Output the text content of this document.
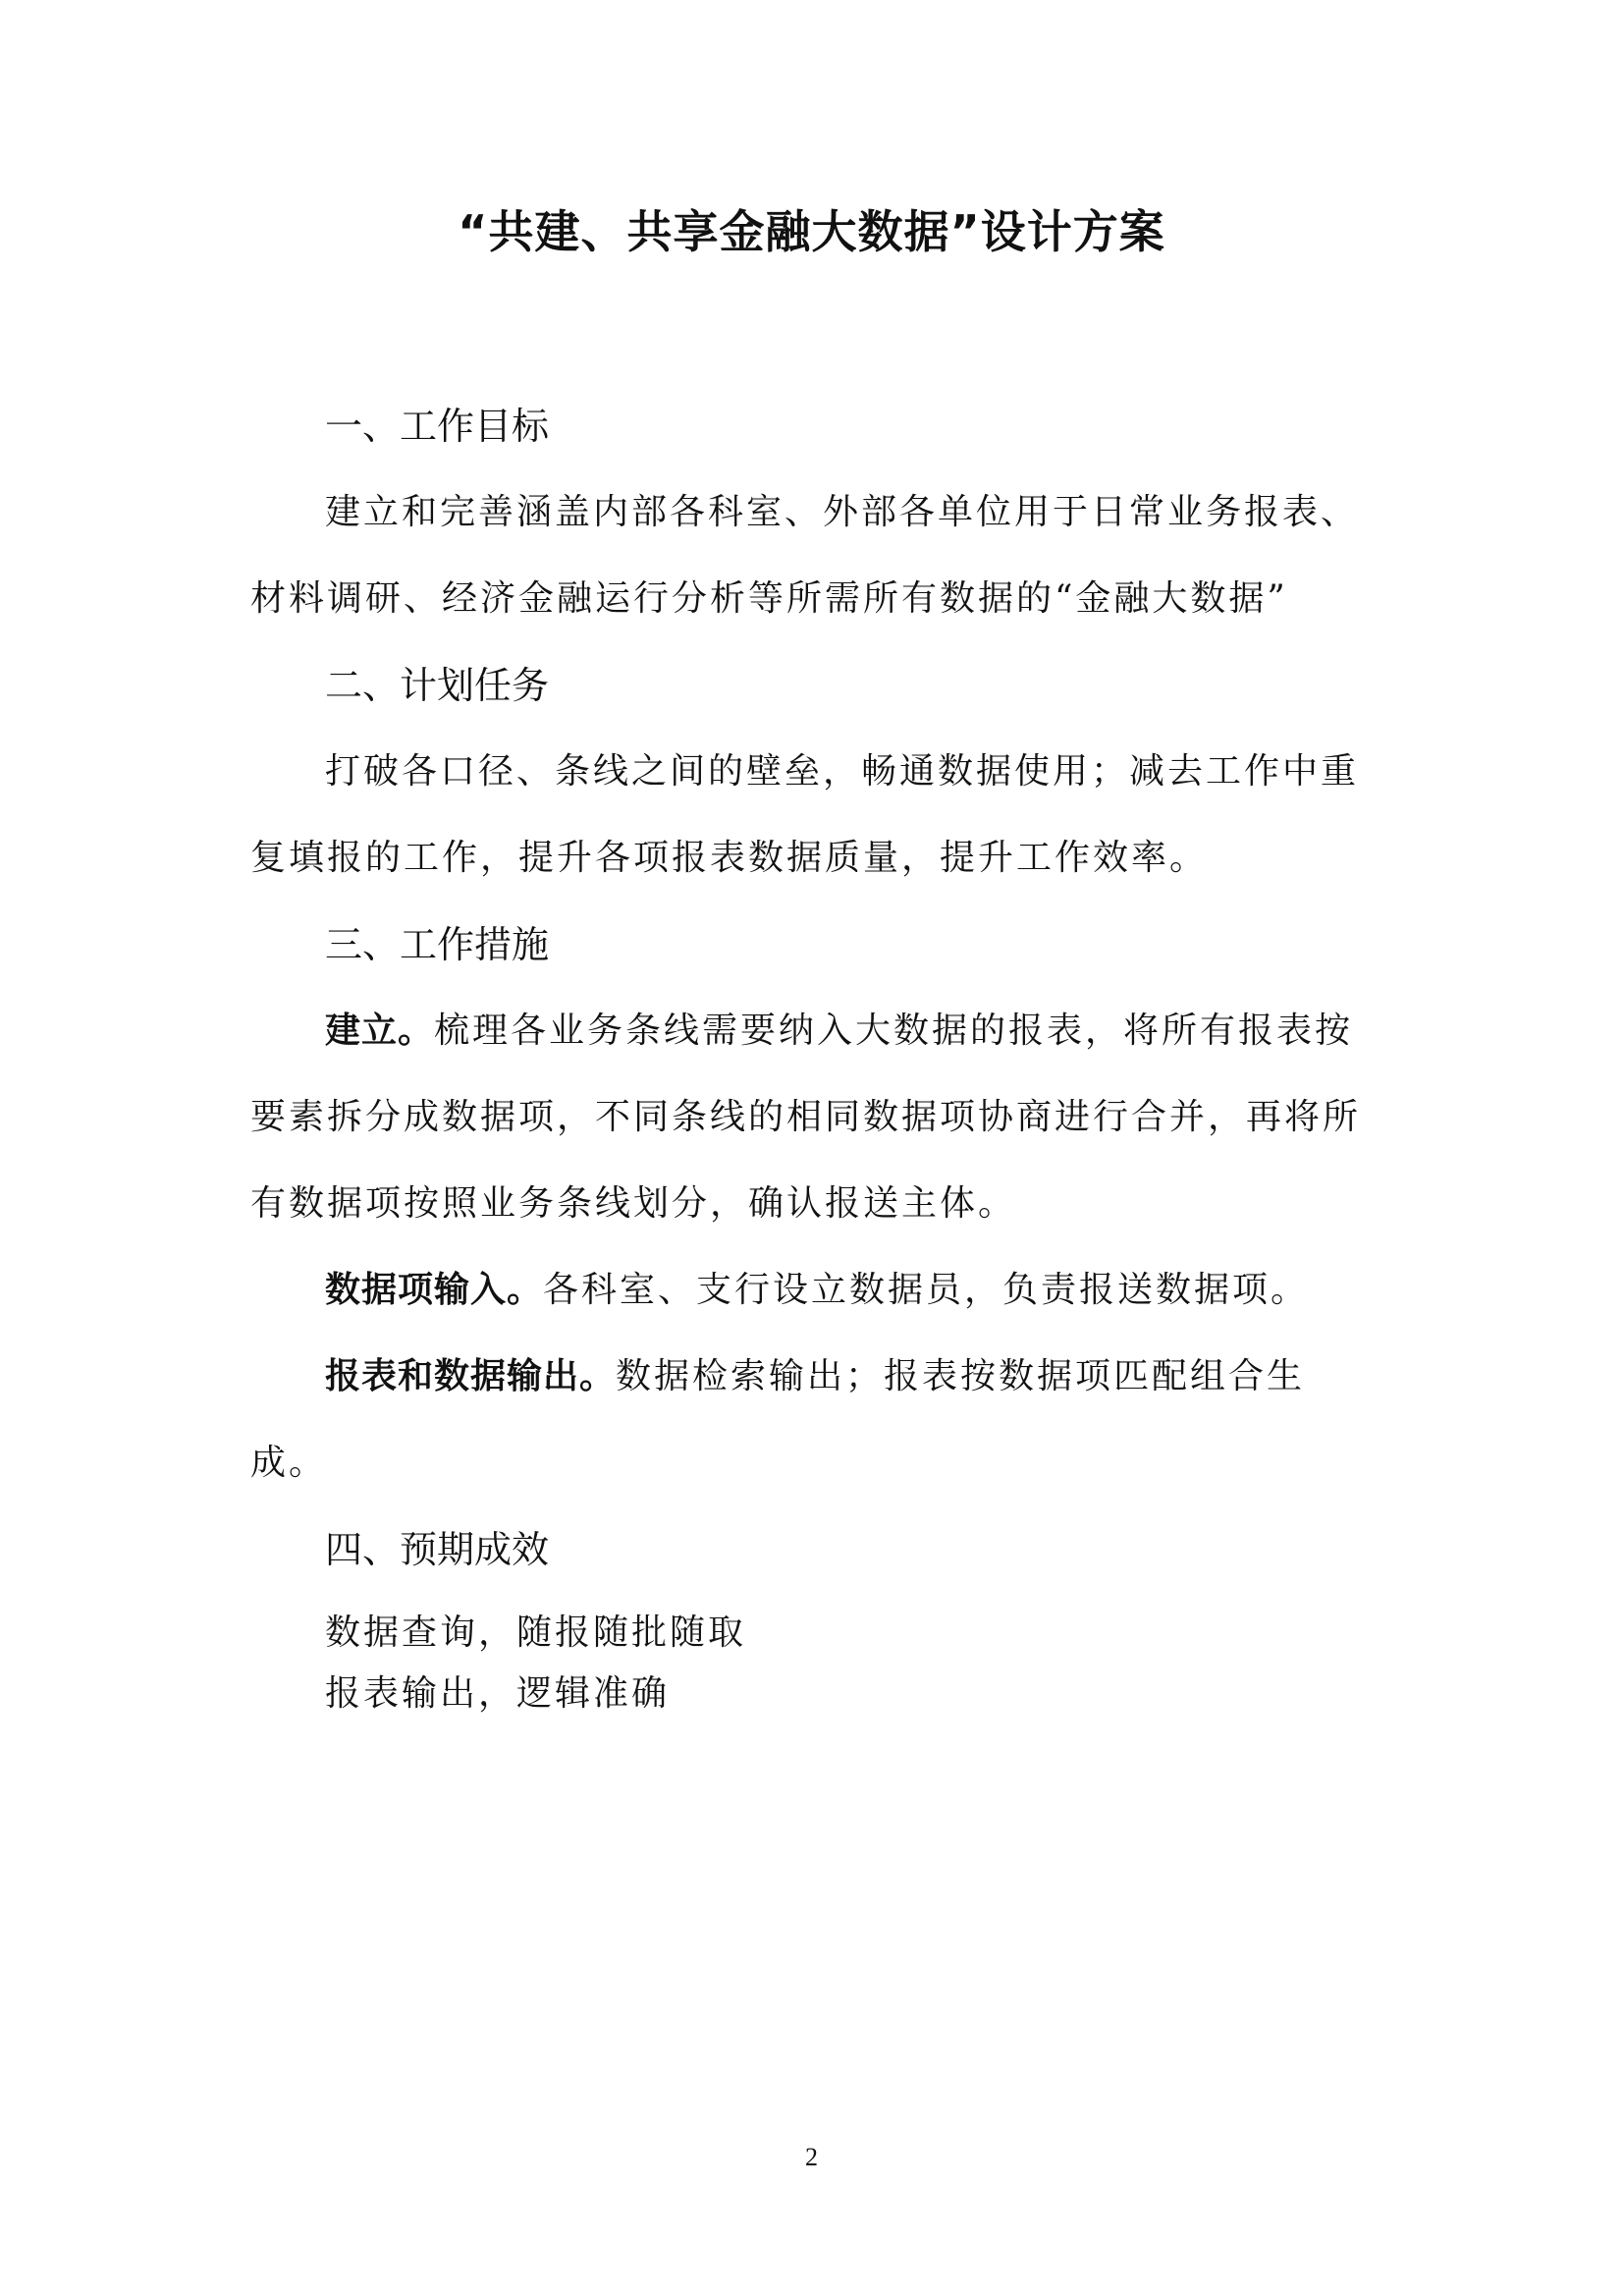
“共建、共享金融大数据”设计方案

一、工作目标

建立和完善涵盖内部各科室、外部各单位用于日常业务报表、材料调研、经济金融运行分析等所需所有数据的“金融大数据”

二、计划任务

打破各口径、条线之间的壁垒，畅通数据使用；减去工作中重复填报的工作，提升各项报表数据质量，提升工作效率。

三、工作措施

建立。梳理各业务条线需要纳入大数据的报表，将所有报表按要素拆分成数据项，不同条线的相同数据项协商进行合并，再将所有数据项按照业务条线划分，确认报送主体。

数据项输入。各科室、支行设立数据员，负责报送数据项。

报表和数据输出。数据检索输出；报表按数据项匹配组合生成。

四、预期成效

数据查询，随报随批随取

报表输出，逻辑准确

2
